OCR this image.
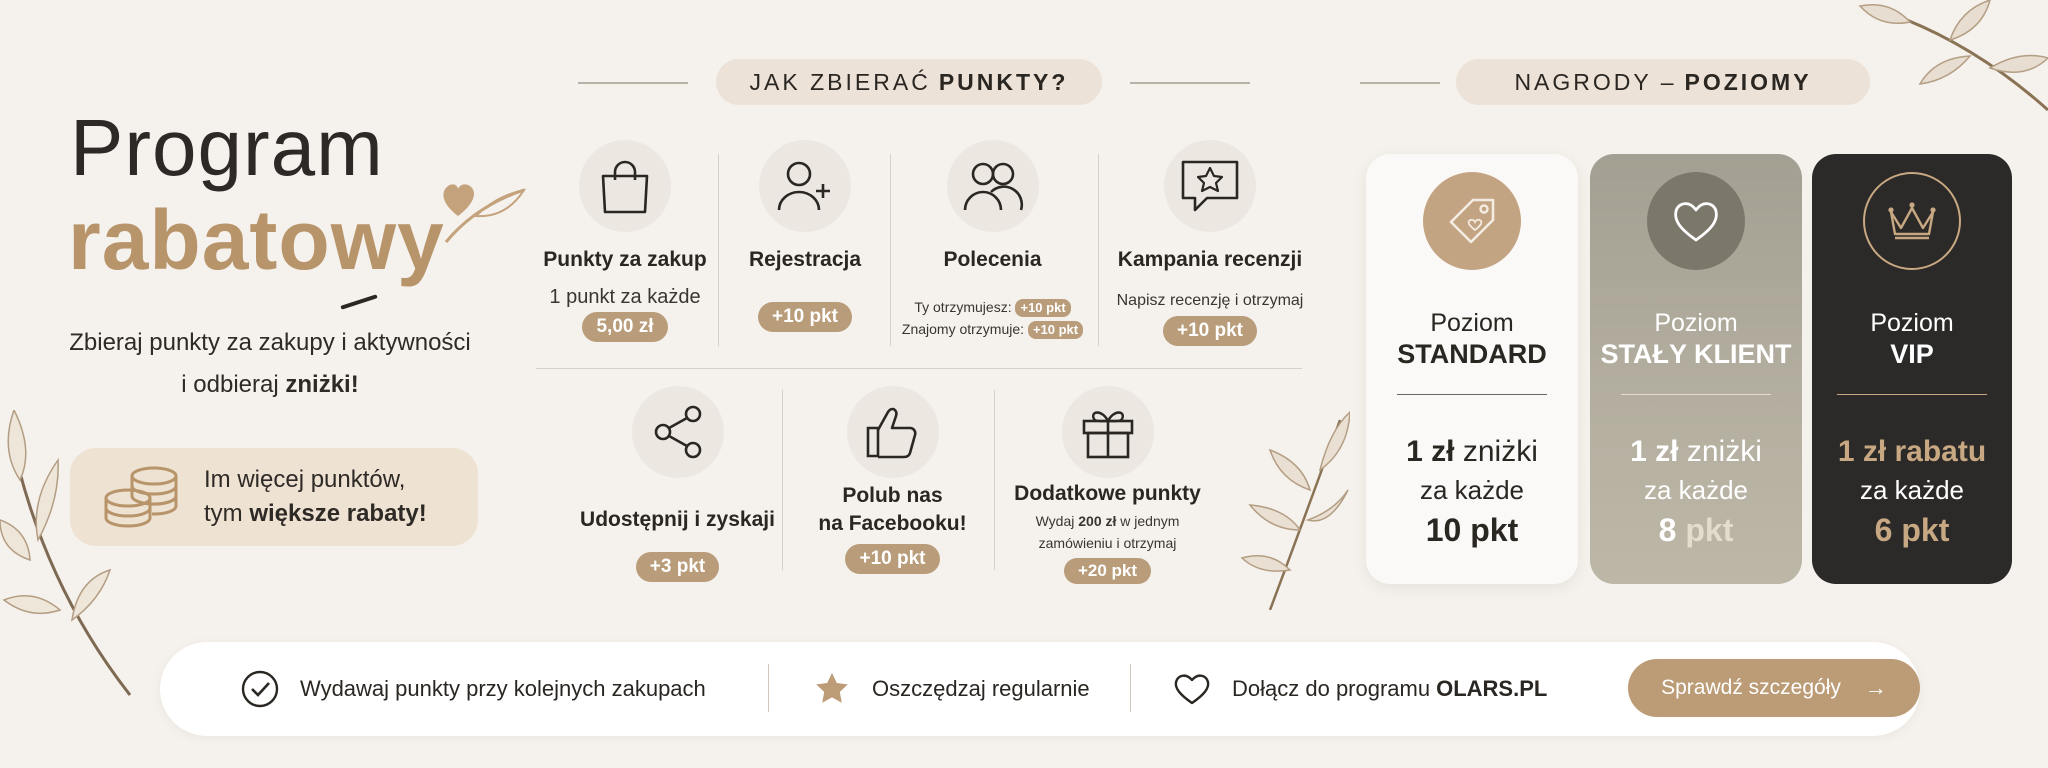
Program
rabatowy
Zbieraj punkty za zakupy i aktywności
i odbieraj zniżki!
Im więcej punktów,
tym większe rabaty!
JAK ZBIERAĆ PUNKTY?
Punkty za zakup
1 punkt za każde
5,00 zł
Rejestracja
+10 pkt
Polecenia
Ty otrzymujesz: +10 pkt
Znajomy otrzymuje: +10 pkt
Kampania recenzji
Napisz recenzję i otrzymaj
+10 pkt
Udostępnij i zyskaji
+3 pkt
Polub nas
na Facebooku!
+10 pkt
Dodatkowe punkty
Wydaj 200 zł w jednym
zamówieniu i otrzymaj
+20 pkt
NAGRODY – POZIOMY
Poziom
STANDARD
1 zł zniżki
za każde
10 pkt
Poziom
STAŁY KLIENT
1 zł zniżki
za każde
8 pkt
Poziom
VIP
1 zł rabatu
za każde
6 pkt
Wydawaj punkty przy kolejnych zakupach	Oszczędzaj regularnie	Dołącz do programu OLARS.PL	Sprawdź szczegóły →
